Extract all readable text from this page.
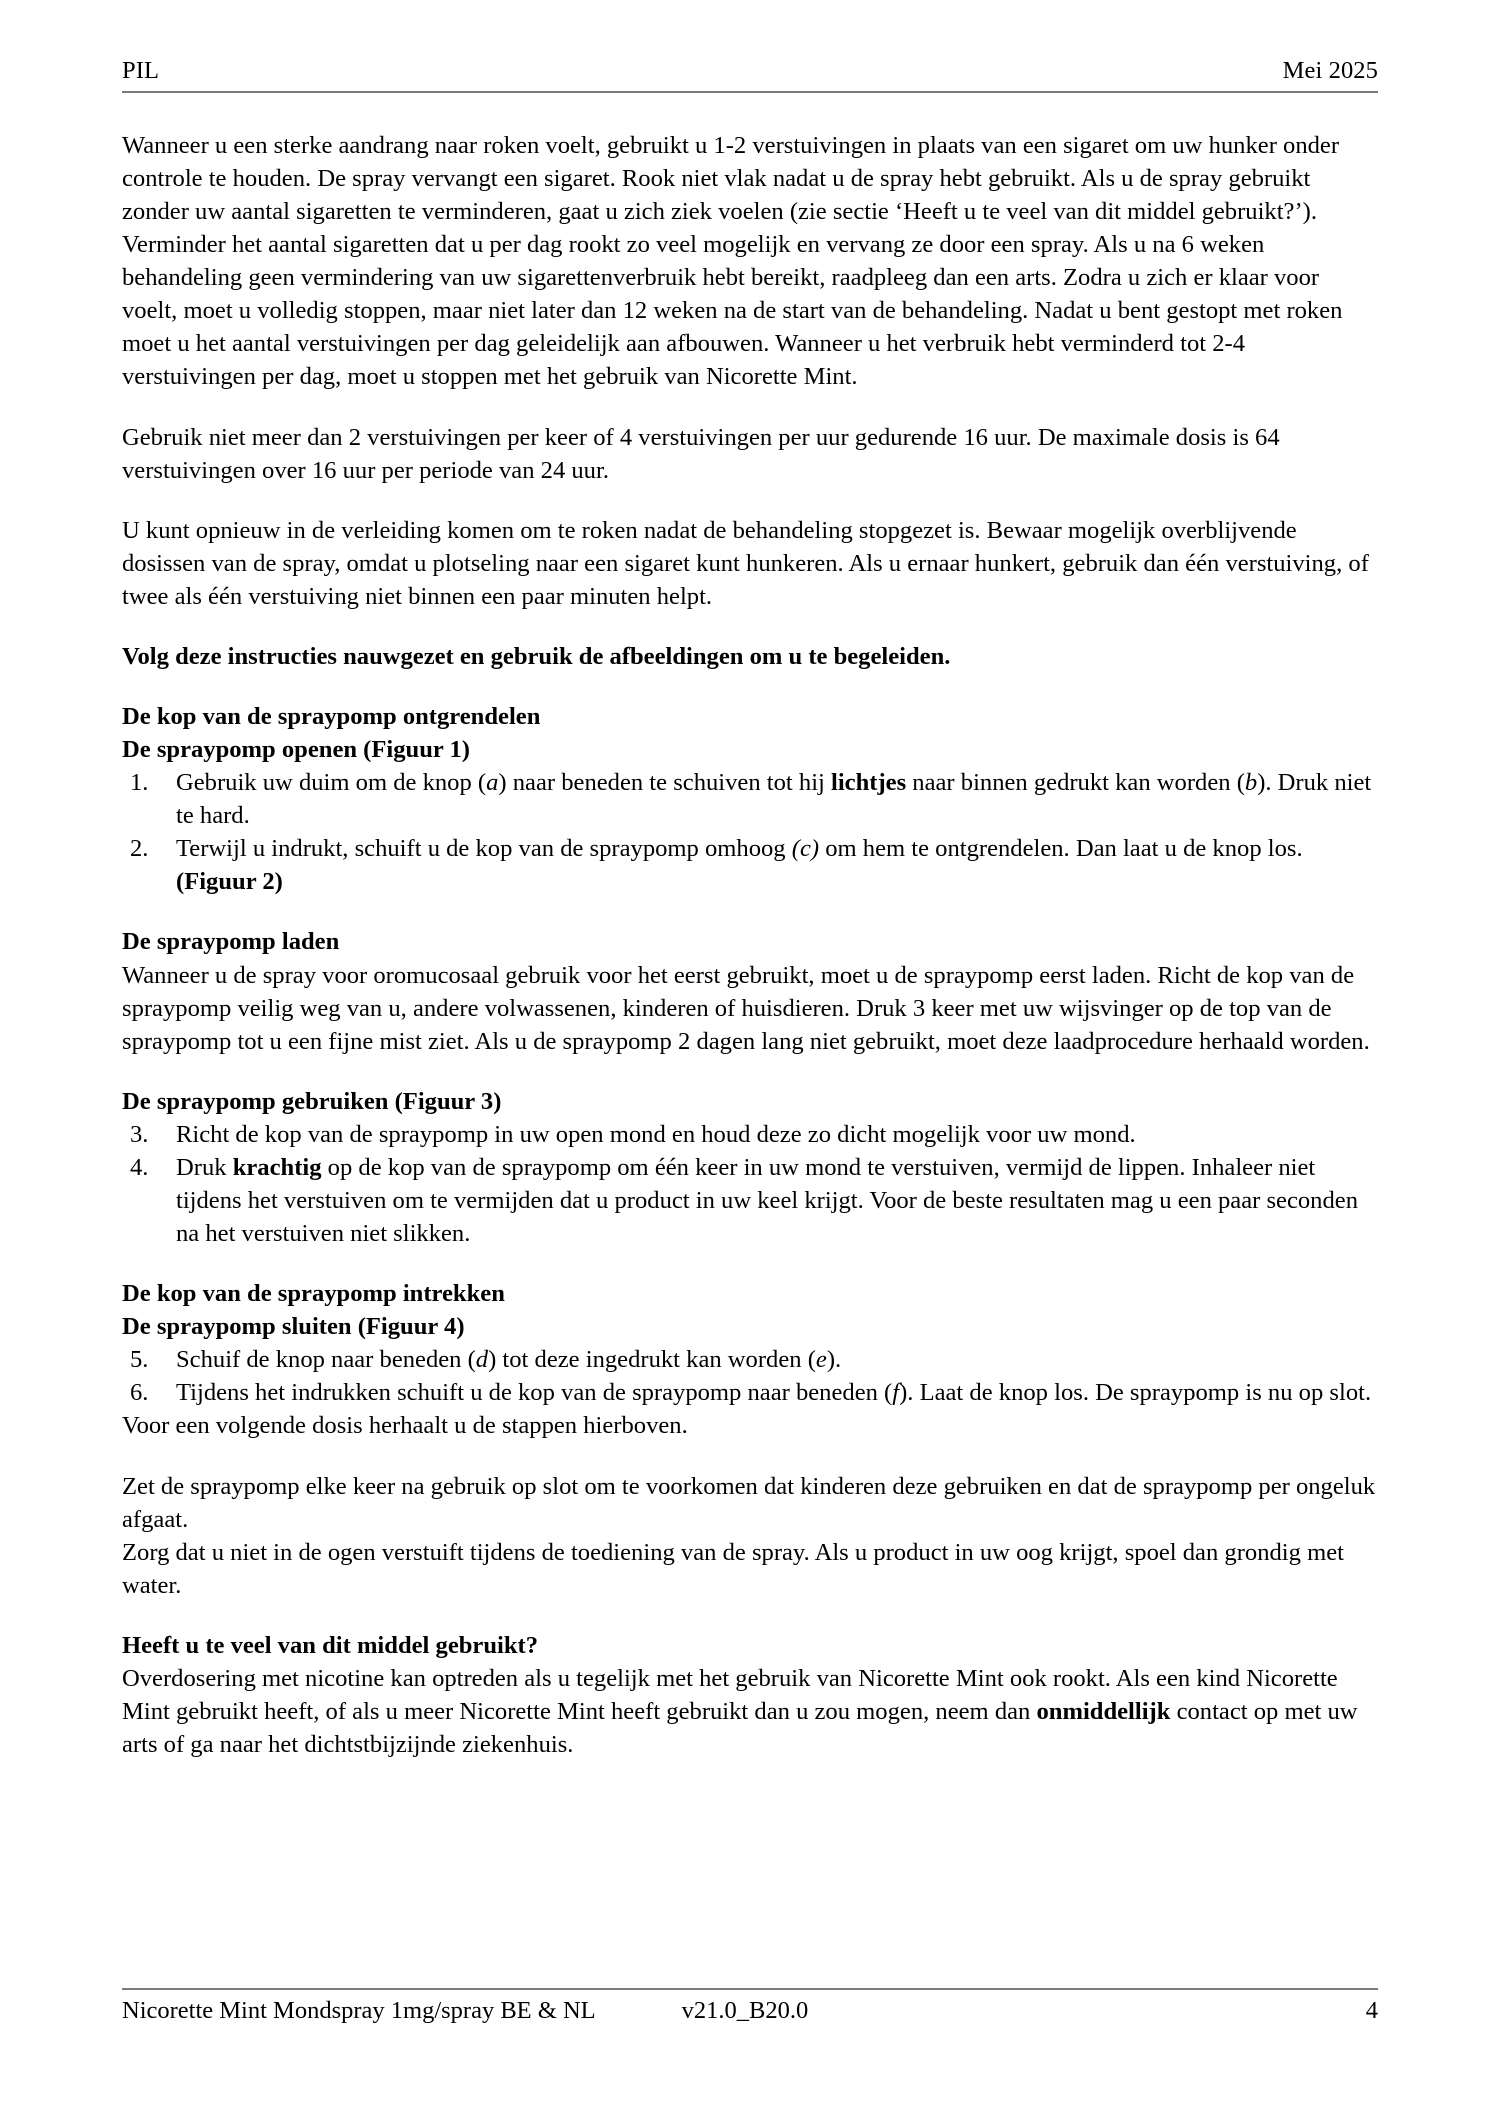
PIL	Mei 2025

Wanneer u een sterke aandrang naar roken voelt, gebruikt u 1-2 verstuivingen in plaats van een sigaret om uw hunker onder controle te houden. De spray vervangt een sigaret. Rook niet vlak nadat u de spray hebt gebruikt. Als u de spray gebruikt zonder uw aantal sigaretten te verminderen, gaat u zich ziek voelen (zie sectie ‘Heeft u te veel van dit middel gebruikt?’). Verminder het aantal sigaretten dat u per dag rookt zo veel mogelijk en vervang ze door een spray. Als u na 6 weken behandeling geen vermindering van uw sigarettenverbruik hebt bereikt, raadpleeg dan een arts. Zodra u zich er klaar voor voelt, moet u volledig stoppen, maar niet later dan 12 weken na de start van de behandeling. Nadat u bent gestopt met roken moet u het aantal verstuivingen per dag geleidelijk aan afbouwen. Wanneer u het verbruik hebt verminderd tot 2-4 verstuivingen per dag, moet u stoppen met het gebruik van Nicorette Mint.

Gebruik niet meer dan 2 verstuivingen per keer of 4 verstuivingen per uur gedurende 16 uur. De maximale dosis is 64 verstuivingen over 16 uur per periode van 24 uur.

U kunt opnieuw in de verleiding komen om te roken nadat de behandeling stopgezet is. Bewaar mogelijk overblijvende dosissen van de spray, omdat u plotseling naar een sigaret kunt hunkeren. Als u ernaar hunkert, gebruik dan één verstuiving, of twee als één verstuiving niet binnen een paar minuten helpt.

Volg deze instructies nauwgezet en gebruik de afbeeldingen om u te begeleiden.

De kop van de spraypomp ontgrendelen
De spraypomp openen (Figuur 1)
1.	Gebruik uw duim om de knop (a) naar beneden te schuiven tot hij lichtjes naar binnen gedrukt kan worden (b). Druk niet te hard.
2.	Terwijl u indrukt, schuift u de kop van de spraypomp omhoog (c) om hem te ontgrendelen. Dan laat u de knop los. (Figuur 2)
De spraypomp laden

Wanneer u de spray voor oromucosaal gebruik voor het eerst gebruikt, moet u de spraypomp eerst laden. Richt de kop van de spraypomp veilig weg van u, andere volwassenen, kinderen of huisdieren. Druk 3 keer met uw wijsvinger op de top van de spraypomp tot u een fijne mist ziet. Als u de spraypomp 2 dagen lang niet gebruikt, moet deze laadprocedure herhaald worden.

De spraypomp gebruiken (Figuur 3)
3.	Richt de kop van de spraypomp in uw open mond en houd deze zo dicht mogelijk voor uw mond.
4.	Druk krachtig op de kop van de spraypomp om één keer in uw mond te verstuiven, vermijd de lippen. Inhaleer niet tijdens het verstuiven om te vermijden dat u product in uw keel krijgt. Voor de beste resultaten mag u een paar seconden na het verstuiven niet slikken.
De kop van de spraypomp intrekken
De spraypomp sluiten (Figuur 4)
5.	Schuif de knop naar beneden (d) tot deze ingedrukt kan worden (e).
6.	Tijdens het indrukken schuift u de kop van de spraypomp naar beneden (f). Laat de knop los. De spraypomp is nu op slot.

Voor een volgende dosis herhaalt u de stappen hierboven.

Zet de spraypomp elke keer na gebruik op slot om te voorkomen dat kinderen deze gebruiken en dat de spraypomp per ongeluk afgaat.

Zorg dat u niet in de ogen verstuift tijdens de toediening van de spray. Als u product in uw oog krijgt, spoel dan grondig met water.

Heeft u te veel van dit middel gebruikt?

Overdosering met nicotine kan optreden als u tegelijk met het gebruik van Nicorette Mint ook rookt. Als een kind Nicorette Mint gebruikt heeft, of als u meer Nicorette Mint heeft gebruikt dan u zou mogen, neem dan onmiddellijk contact op met uw arts of ga naar het dichtstbijzijnde ziekenhuis.

Nicorette Mint Mondspray 1mg/spray BE & NL	v21.0_B20.0	4
